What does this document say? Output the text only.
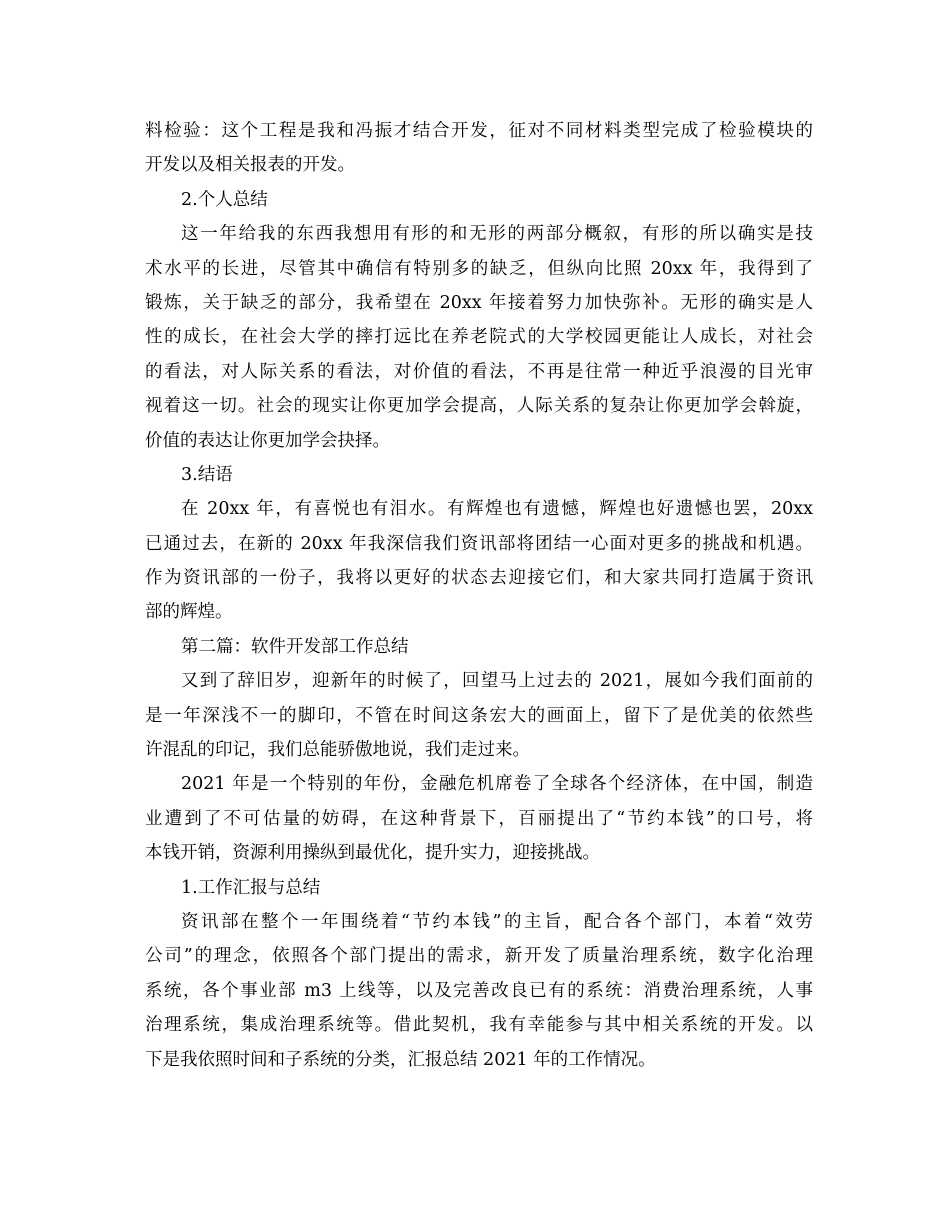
料检验：这个工程是我和冯振才结合开发，征对不同材料类型完成了检验模块的
开发以及相关报表的开发。
2.个人总结
这一年给我的东西我想用有形的和无形的两部分概叙，有形的所以确实是技
术水平的长进，尽管其中确信有特别多的缺乏，但纵向比照 20xx 年，我得到了
锻炼，关于缺乏的部分，我希望在 20xx 年接着努力加快弥补。无形的确实是人
性的成长，在社会大学的摔打远比在养老院式的大学校园更能让人成长，对社会
的看法，对人际关系的看法，对价值的看法，不再是往常一种近乎浪漫的目光审
视着这一切。社会的现实让你更加学会提高，人际关系的复杂让你更加学会斡旋，
价值的表达让你更加学会抉择。
3.结语
在 20xx 年，有喜悦也有泪水。有辉煌也有遗憾，辉煌也好遗憾也罢，20xx
已通过去，在新的 20xx 年我深信我们资讯部将团结一心面对更多的挑战和机遇。
作为资讯部的一份子，我将以更好的状态去迎接它们，和大家共同打造属于资讯
部的辉煌。
第二篇：软件开发部工作总结
又到了辞旧岁，迎新年的时候了，回望马上过去的 2021，展如今我们面前的
是一年深浅不一的脚印，不管在时间这条宏大的画面上，留下了是优美的依然些
许混乱的印记，我们总能骄傲地说，我们走过来。
2021 年是一个特别的年份，金融危机席卷了全球各个经济体，在中国，制造
业遭到了不可估量的妨碍，在这种背景下，百丽提出了“节约本钱”的口号，将
本钱开销，资源利用操纵到最优化，提升实力，迎接挑战。
1.工作汇报与总结
资讯部在整个一年围绕着“节约本钱”的主旨，配合各个部门，本着“效劳
公司”的理念，依照各个部门提出的需求，新开发了质量治理系统，数字化治理
系统，各个事业部 m3 上线等，以及完善改良已有的系统：消费治理系统，人事
治理系统，集成治理系统等。借此契机，我有幸能参与其中相关系统的开发。以
下是我依照时间和子系统的分类，汇报总结 2021 年的工作情况。
